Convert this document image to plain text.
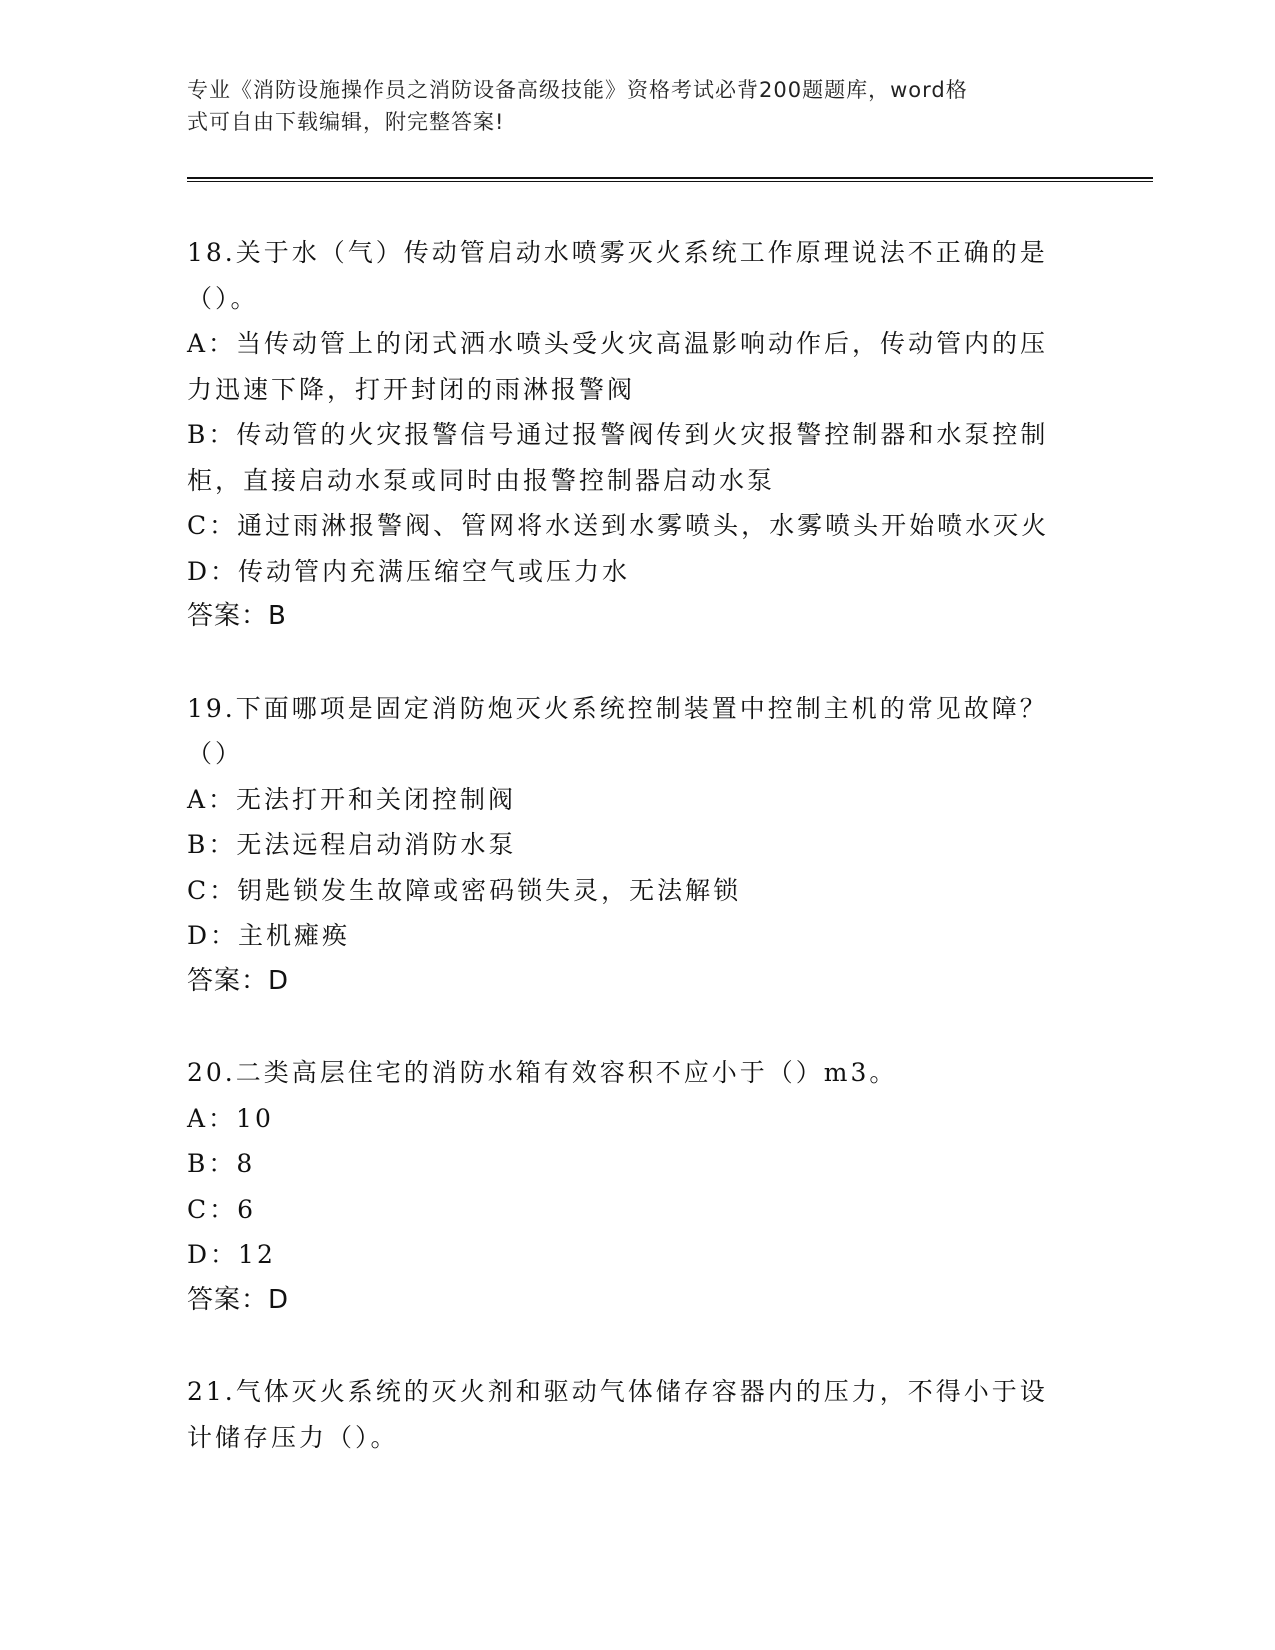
专业《消防设施操作员之消防设备高级技能》资格考试必背200题题库，word格
式可自由下载编辑，附完整答案!
18.关于水（气）传动管启动水喷雾灭火系统工作原理说法不正确的是
（）。
A：当传动管上的闭式洒水喷头受火灾高温影响动作后，传动管内的压
力迅速下降，打开封闭的雨淋报警阀
B：传动管的火灾报警信号通过报警阀传到火灾报警控制器和水泵控制
柜，直接启动水泵或同时由报警控制器启动水泵
C：通过雨淋报警阀、管网将水送到水雾喷头，水雾喷头开始喷水灭火
D：传动管内充满压缩空气或压力水
答案：B
19.下面哪项是固定消防炮灭火系统控制装置中控制主机的常见故障？
（）
A：无法打开和关闭控制阀
B：无法远程启动消防水泵
C：钥匙锁发生故障或密码锁失灵，无法解锁
D：主机瘫痪
答案：D
20.二类高层住宅的消防水箱有效容积不应小于（）m3。
A：10
B：8
C：6
D：12
答案：D
21.气体灭火系统的灭火剂和驱动气体储存容器内的压力，不得小于设
计储存压力（）。
